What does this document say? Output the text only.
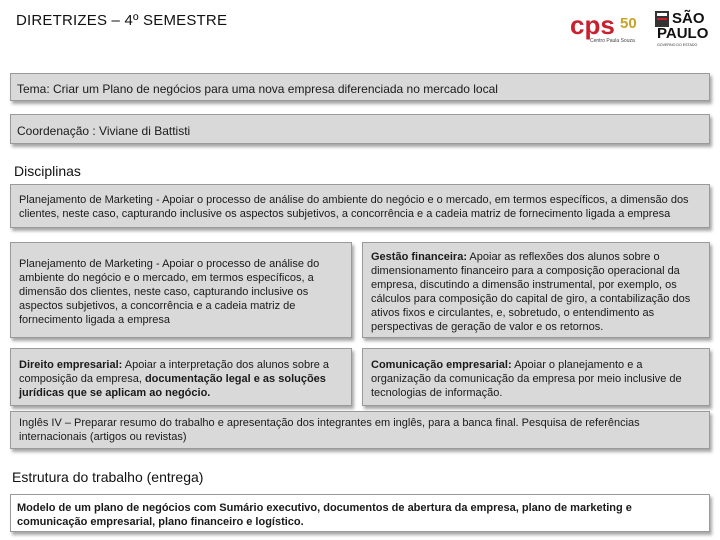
DIRETRIZES – 4º SEMESTRE	cps 50
Centro Paula Souza
SÃO
PAULO
GOVERNO DO ESTADO
Tema: Criar um Plano de negócios para uma nova empresa diferenciada no mercado local
Coordenação : Viviane di Battisti
Disciplinas

Planejamento de Marketing - Apoiar o processo de análise do ambiente do negócio e o mercado, em termos específicos, a dimensão dos clientes, neste caso, capturando inclusive os aspectos subjetivos, a concorrência e a cadeia matriz de fornecimento ligada a empresa

Planejamento de Marketing - Apoiar o processo de análise do ambiente do negócio e o mercado, em termos específicos, a dimensão dos clientes, neste caso, capturando inclusive os aspectos subjetivos, a concorrência e a cadeia matriz de fornecimento ligada a empresa

Gestão financeira: Apoiar as reflexões dos alunos sobre o dimensionamento financeiro para a composição operacional da empresa, discutindo a dimensão instrumental, por exemplo, os cálculos para composição do capital de giro, a contabilização dos ativos fixos e circulantes, e, sobretudo, o entendimento as perspectivas de geração de valor e os retornos.

Direito empresarial: Apoiar a interpretação dos alunos sobre a composição da empresa, documentação legal e as soluções jurídicas que se aplicam ao negócio.

Comunicação empresarial: Apoiar o planejamento e a organização da comunicação da empresa por meio inclusive de tecnologias de informação.

Inglês IV – Preparar resumo do trabalho e apresentação dos integrantes em inglês, para a banca final. Pesquisa de referências internacionais (artigos ou revistas)

Estrutura do trabalho (entrega)

Modelo de um plano de negócios com Sumário executivo, documentos de abertura da empresa, plano de marketing e comunicação empresarial, plano financeiro e logístico.
